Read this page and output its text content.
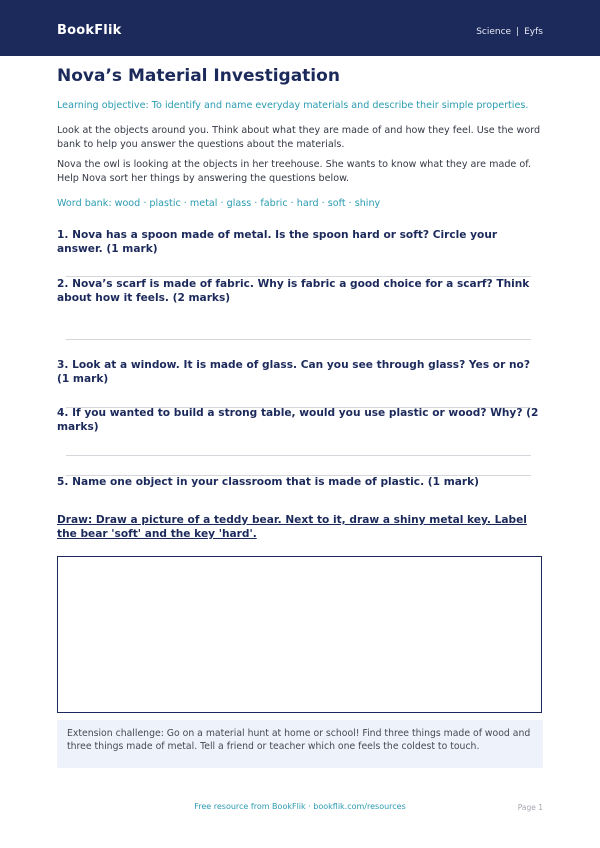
BookFlik	Science | Eyfs
Nova’s Material Investigation
Learning objective: To identify and name everyday materials and describe their simple properties.
Look at the objects around you. Think about what they are made of and how they feel. Use the word bank to help you answer the questions about the materials.
Nova the owl is looking at the objects in her treehouse. She wants to know what they are made of. Help Nova sort her things by answering the questions below.
Word bank: wood · plastic · metal · glass · fabric · hard · soft · shiny
1. Nova has a spoon made of metal. Is the spoon hard or soft? Circle your answer. (1 mark)
2. Nova’s scarf is made of fabric. Why is fabric a good choice for a scarf? Think about how it feels. (2 marks)
3. Look at a window. It is made of glass. Can you see through glass? Yes or no? (1 mark)
4. If you wanted to build a strong table, would you use plastic or wood? Why? (2 marks)
5. Name one object in your classroom that is made of plastic. (1 mark)
Draw: Draw a picture of a teddy bear. Next to it, draw a shiny metal key. Label the bear 'soft' and the key 'hard'.
Extension challenge: Go on a material hunt at home or school! Find three things made of wood and three things made of metal. Tell a friend or teacher which one feels the coldest to touch.
Free resource from BookFlik · bookflik.com/resources	Page 1
